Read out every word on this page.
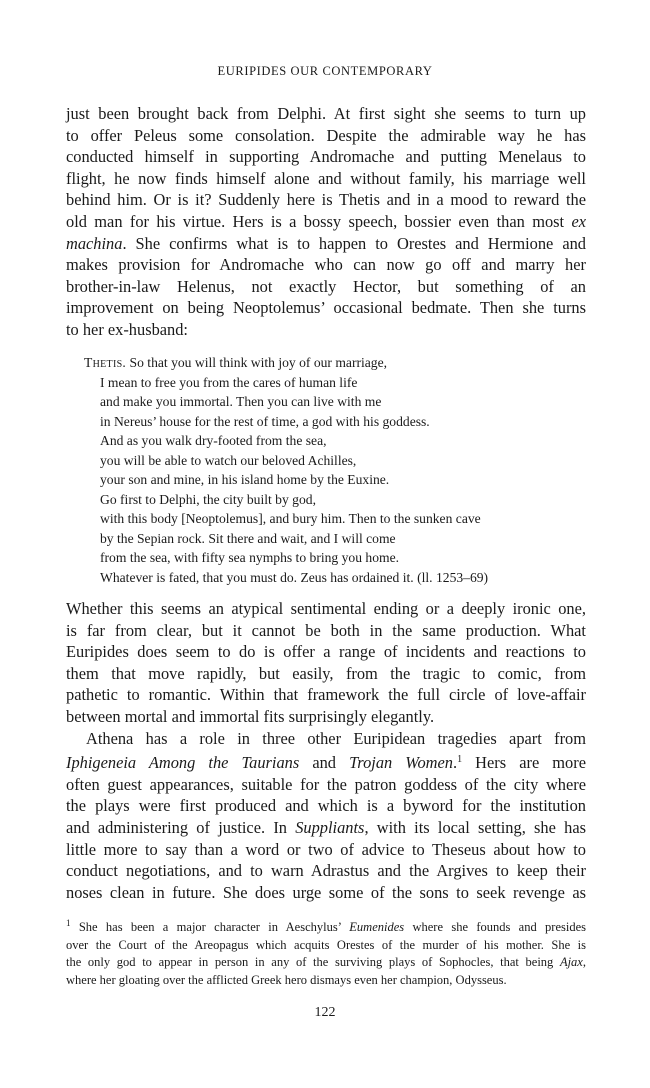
EURIPIDES OUR CONTEMPORARY

just been brought back from Delphi. At first sight she seems to turn up

to offer Peleus some consolation. Despite the admirable way he has

conducted himself in supporting Andromache and putting Menelaus to

flight, he now finds himself alone and without family, his marriage well

behind him. Or is it? Suddenly here is Thetis and in a mood to reward the

old man for his virtue. Hers is a bossy speech, bossier even than most ex

machina. She confirms what is to happen to Orestes and Hermione and

makes provision for Andromache who can now go off and marry her

brother-in-law Helenus, not exactly Hector, but something of an

improvement on being Neoptolemus’ occasional bedmate. Then she turns

to her ex-husband:

Thetis. So that you will think with joy of our marriage,

I mean to free you from the cares of human life

and make you immortal. Then you can live with me

in Nereus’ house for the rest of time, a god with his goddess.

And as you walk dry-footed from the sea,

you will be able to watch our beloved Achilles,

your son and mine, in his island home by the Euxine.

Go first to Delphi, the city built by god,

with this body [Neoptolemus], and bury him. Then to the sunken cave

by the Sepian rock. Sit there and wait, and I will come

from the sea, with fifty sea nymphs to bring you home.

Whatever is fated, that you must do. Zeus has ordained it. (ll. 1253–69)

Whether this seems an atypical sentimental ending or a deeply ironic one,

is far from clear, but it cannot be both in the same production. What

Euripides does seem to do is offer a range of incidents and reactions to

them that move rapidly, but easily, from the tragic to comic, from

pathetic to romantic. Within that framework the full circle of love-affair

between mortal and immortal fits surprisingly elegantly.

Athena has a role in three other Euripidean tragedies apart from

Iphigeneia Among the Taurians and Trojan Women.$^1$ Hers are more

often guest appearances, suitable for the patron goddess of the city where

the plays were first produced and which is a byword for the institution

and administering of justice. In Suppliants, with its local setting, she has

little more to say than a word or two of advice to Theseus about how to

conduct negotiations, and to warn Adrastus and the Argives to keep their

noses clean in future. She does urge some of the sons to seek revenge as

$^1$ She has been a major character in Aeschylus’ Eumenides where she founds and presides

over the Court of the Areopagus which acquits Orestes of the murder of his mother. She is

the only god to appear in person in any of the surviving plays of Sophocles, that being Ajax,

where her gloating over the afflicted Greek hero dismays even her champion, Odysseus.

122
